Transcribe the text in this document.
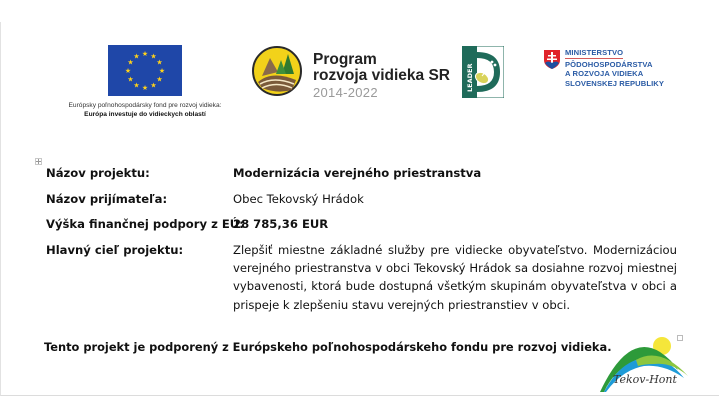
★ ★
★
★
★
★
★
★
★
★
★
★
Európsky poľnohospodársky fond pre rozvoj vidieka:
Európa investuje do vidieckych oblastí
Program
rozvoja vidieka SR
2014-2022
LEADER
MINISTERSTVO
PÔDOHOSPODÁRSTVA
A ROZVOJA VIDIEKA
SLOVENSKEJ REPUBLIKY
Názov projektu:	Modernizácia verejného priestranstva
Názov prijímateľa:	Obec Tekovský Hrádok
Výška finančnej podpory z EÚ:
28 785,36 EUR
Hlavný cieľ projektu:	Zlepšiť miestne základné služby pre vidiecke obyvateľstvo. Modernizáciou verejného priestranstva v obci Tekovský Hrádok sa dosiahne rozvoj miestnej vybavenosti, ktorá bude dostupná všetkým skupinám obyvateľstva v obci a prispeje k zlepšeniu stavu verejných priestranstiev v obci.
Tento projekt je podporený z Európskeho poľnohospodárskeho fondu pre rozvoj vidieka.
Tekov-Hont
